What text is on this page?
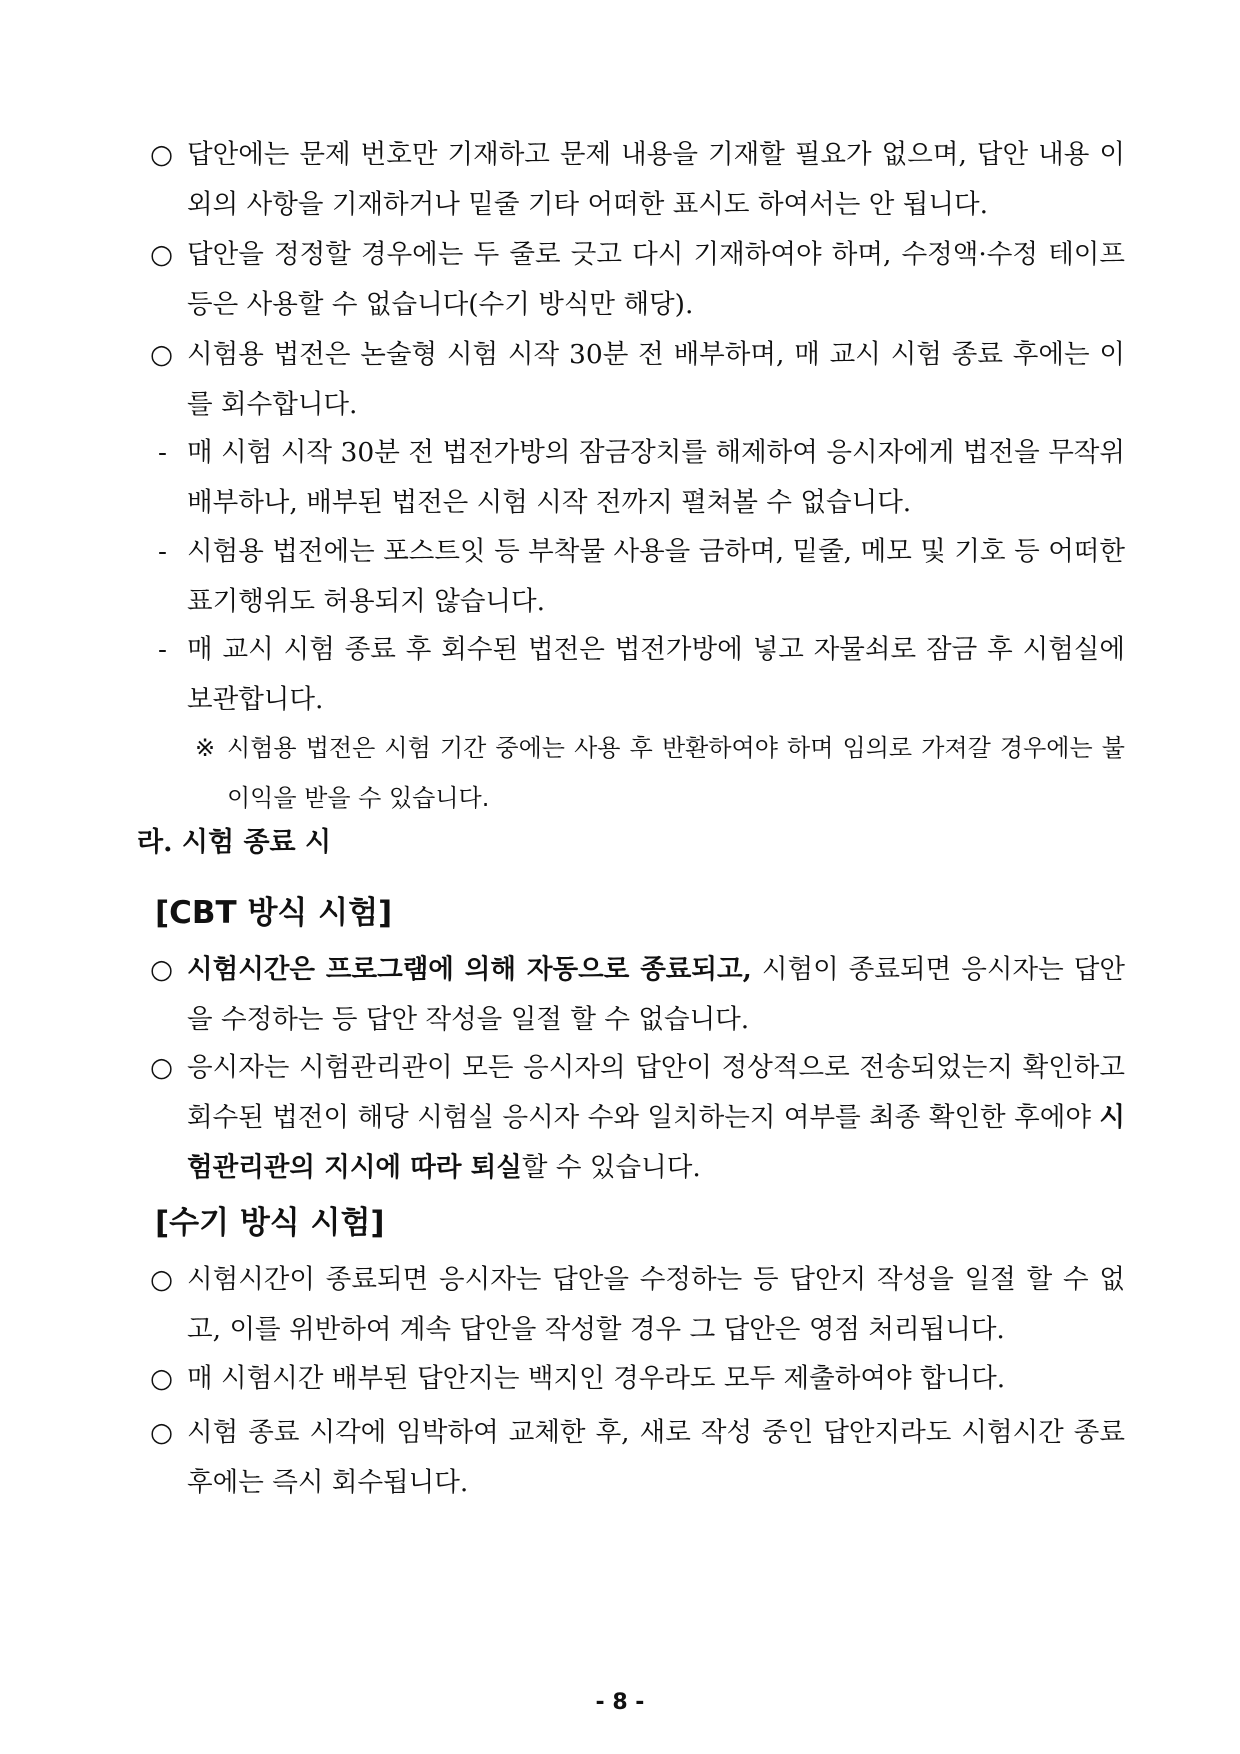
○ 답안에는 문제 번호만 기재하고 문제 내용을 기재할 필요가 없으며, 답안 내용 이외의 사항을 기재하거나 밑줄 기타 어떠한 표시도 하여서는 안 됩니다.
○ 답안을 정정할 경우에는 두 줄로 긋고 다시 기재하여야 하며, 수정액·수정 테이프 등은 사용할 수 없습니다(수기 방식만 해당).
○ 시험용 법전은 논술형 시험 시작 30분 전 배부하며, 매 교시 시험 종료 후에는 이를 회수합니다.
- 매 시험 시작 30분 전 법전가방의 잠금장치를 해제하여 응시자에게 법전을 무작위 배부하나, 배부된 법전은 시험 시작 전까지 펼쳐볼 수 없습니다.
- 시험용 법전에는 포스트잇 등 부착물 사용을 금하며, 밑줄, 메모 및 기호 등 어떠한 표기행위도 허용되지 않습니다.
- 매 교시 시험 종료 후 회수된 법전은 법전가방에 넣고 자물쇠로 잠금 후 시험실에 보관합니다.
※ 시험용 법전은 시험 기간 중에는 사용 후 반환하여야 하며 임의로 가져갈 경우에는 불이익을 받을 수 있습니다.
라. 시험 종료 시
[CBT 방식 시험]
○ 시험시간은 프로그램에 의해 자동으로 종료되고, 시험이 종료되면 응시자는 답안을 수정하는 등 답안 작성을 일절 할 수 없습니다.
○ 응시자는 시험관리관이 모든 응시자의 답안이 정상적으로 전송되었는지 확인하고 회수된 법전이 해당 시험실 응시자 수와 일치하는지 여부를 최종 확인한 후에야 시험관리관의 지시에 따라 퇴실할 수 있습니다.
[수기 방식 시험]
○ 시험시간이 종료되면 응시자는 답안을 수정하는 등 답안지 작성을 일절 할 수 없고, 이를 위반하여 계속 답안을 작성할 경우 그 답안은 영점 처리됩니다.
○ 매 시험시간 배부된 답안지는 백지인 경우라도 모두 제출하여야 합니다.
○ 시험 종료 시각에 임박하여 교체한 후, 새로 작성 중인 답안지라도 시험시간 종료 후에는 즉시 회수됩니다.
- 8 -
